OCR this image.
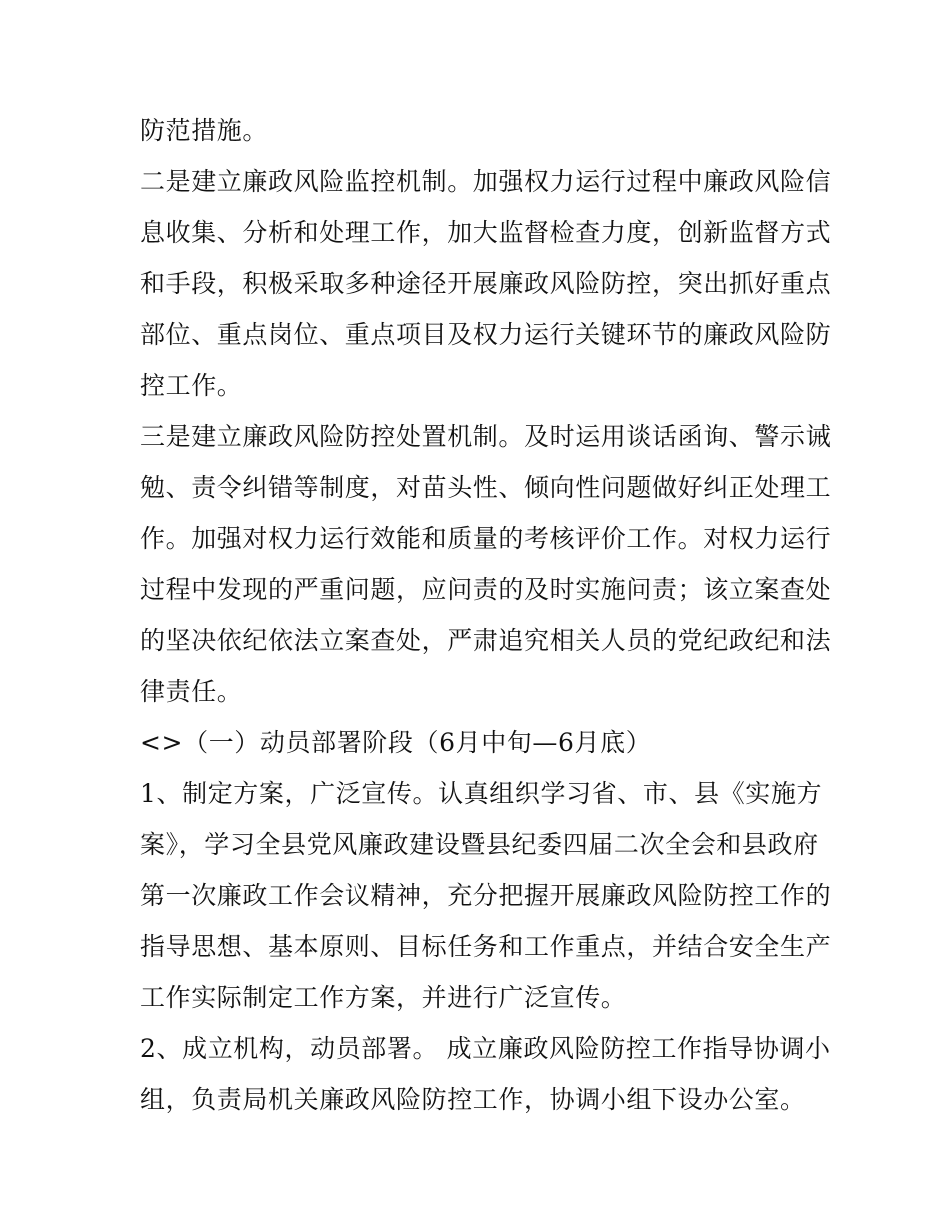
防范措施。

二是建立廉政风险监控机制。加强权力运行过程中廉政风险信
息收集、分析和处理工作，加大监督检查力度，创新监督方式
和手段，积极采取多种途径开展廉政风险防控，突出抓好重点
部位、重点岗位、重点项目及权力运行关键环节的廉政风险防
控工作。

三是建立廉政风险防控处置机制。及时运用谈话函询、警示诫
勉、责令纠错等制度，对苗头性、倾向性问题做好纠正处理工
作。加强对权力运行效能和质量的考核评价工作。对权力运行
过程中发现的严重问题，应问责的及时实施问责；该立案查处
的坚决依纪依法立案查处，严肃追究相关人员的党纪政纪和法
律责任。

<>（一）动员部署阶段（6月中旬—6月底）

1、制定方案，广泛宣传。认真组织学习省、市、县《实施方
案》，学习全县党风廉政建设暨县纪委四届二次全会和县政府
第一次廉政工作会议精神，充分把握开展廉政风险防控工作的
指导思想、基本原则、目标任务和工作重点，并结合安全生产
工作实际制定工作方案，并进行广泛宣传。

2、成立机构，动员部署。 成立廉政风险防控工作指导协调小
组，负责局机关廉政风险防控工作，协调小组下设办公室。
